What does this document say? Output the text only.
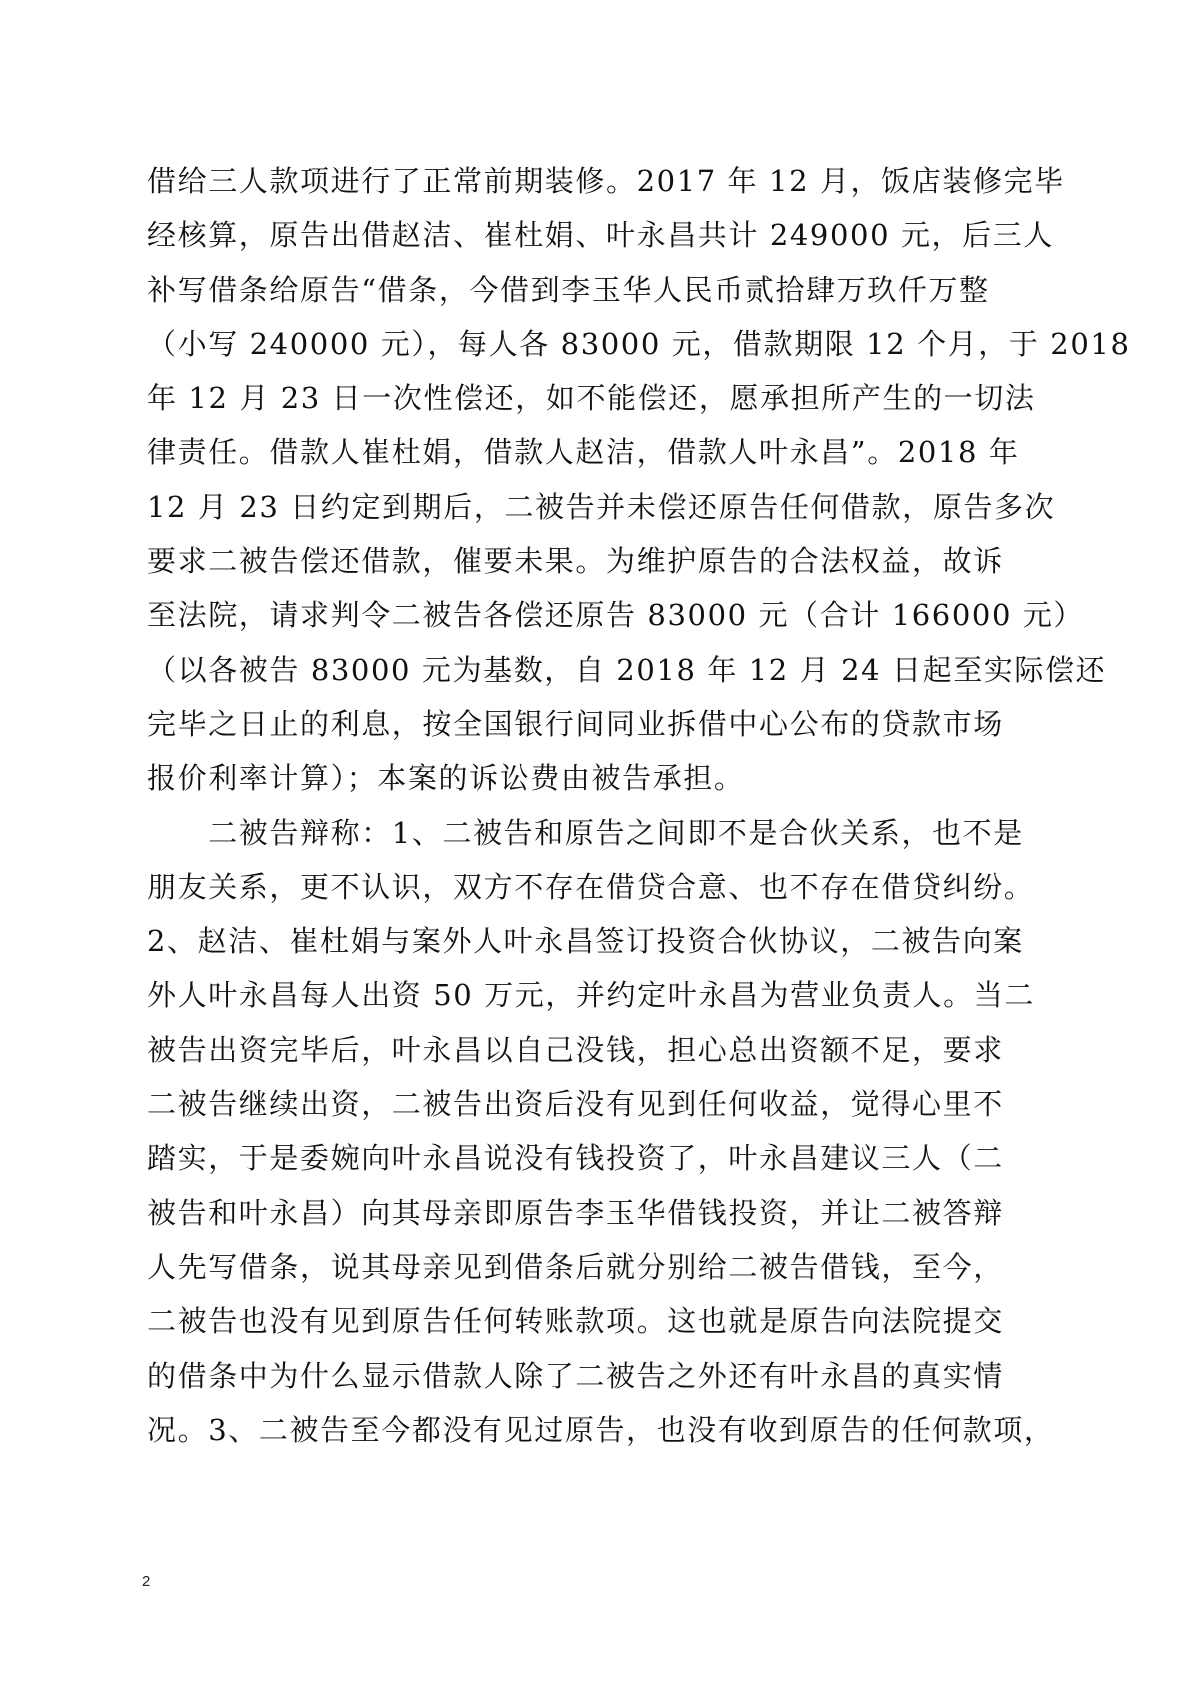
借给三人款项进行了正常前期装修。2017 年 12 月，饭店装修完毕
经核算，原告出借赵洁、崔杜娟、叶永昌共计 249000 元，后三人
补写借条给原告“借条，今借到李玉华人民币贰拾肆万玖仟万整
（小写 240000 元），每人各 83000 元，借款期限 12 个月，于 2018
年 12 月 23 日一次性偿还，如不能偿还，愿承担所产生的一切法
律责任。借款人崔杜娟，借款人赵洁，借款人叶永昌”。2018 年
12 月 23 日约定到期后，二被告并未偿还原告任何借款，原告多次
要求二被告偿还借款，催要未果。为维护原告的合法权益，故诉
至法院，请求判令二被告各偿还原告 83000 元（合计 166000 元）
（以各被告 83000 元为基数，自 2018 年 12 月 24 日起至实际偿还
完毕之日止的利息，按全国银行间同业拆借中心公布的贷款市场
报价利率计算）；本案的诉讼费由被告承担。
　　二被告辩称：1、二被告和原告之间即不是合伙关系，也不是
朋友关系，更不认识，双方不存在借贷合意、也不存在借贷纠纷。
2、赵洁、崔杜娟与案外人叶永昌签订投资合伙协议，二被告向案
外人叶永昌每人出资 50 万元，并约定叶永昌为营业负责人。当二
被告出资完毕后，叶永昌以自己没钱，担心总出资额不足，要求
二被告继续出资，二被告出资后没有见到任何收益，觉得心里不
踏实，于是委婉向叶永昌说没有钱投资了，叶永昌建议三人（二
被告和叶永昌）向其母亲即原告李玉华借钱投资，并让二被答辩
人先写借条，说其母亲见到借条后就分别给二被告借钱，至今，
二被告也没有见到原告任何转账款项。这也就是原告向法院提交
的借条中为什么显示借款人除了二被告之外还有叶永昌的真实情
况。3、二被告至今都没有见过原告，也没有收到原告的任何款项，
2
